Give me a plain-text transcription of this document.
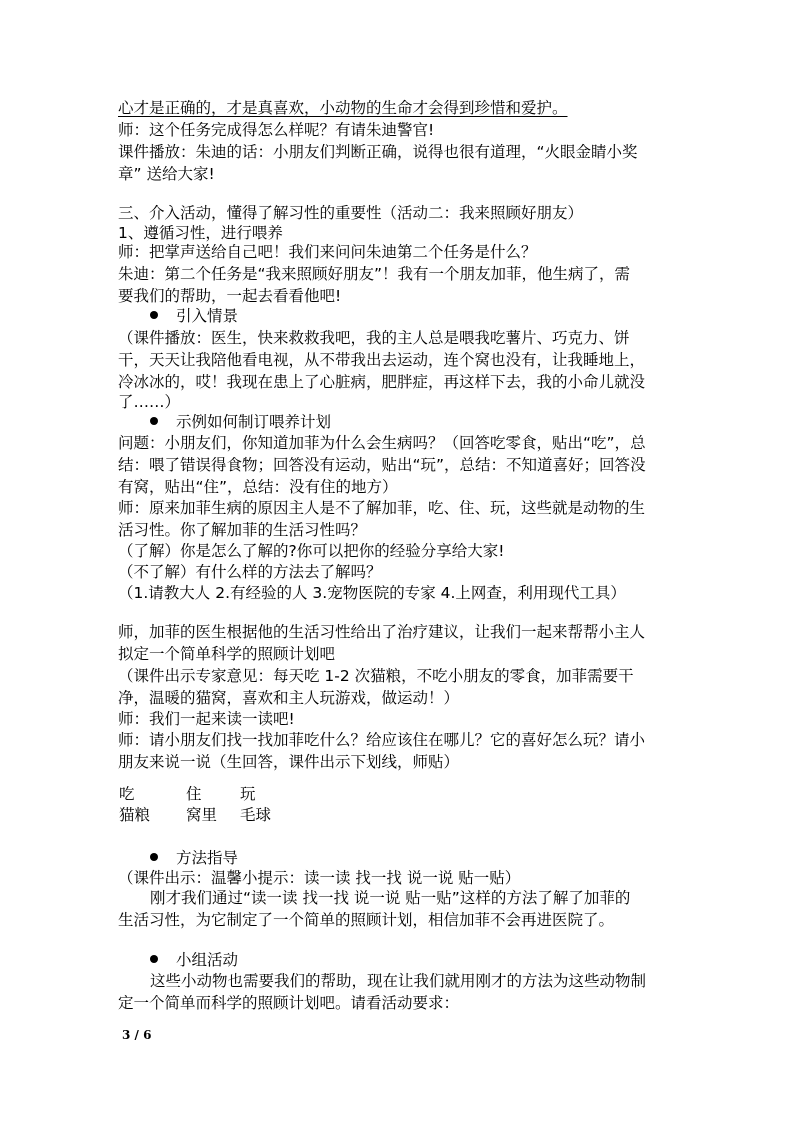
心才是正确的，才是真喜欢，小动物的生命才会得到珍惜和爱护。
师：这个任务完成得怎么样呢？有请朱迪警官!
课件播放：朱迪的话：小朋友们判断正确，说得也很有道理，“火眼金睛小奖
章” 送给大家!
三、介入活动，懂得了解习性的重要性（活动二：我来照顾好朋友）
1、遵循习性，进行喂养
师：把掌声送给自己吧！我们来问问朱迪第二个任务是什么？
朱迪：第二个任务是“我来照顾好朋友”！我有一个朋友加菲，他生病了，需
要我们的帮助，一起去看看他吧!
引入情景
（课件播放：医生，快来救救我吧，我的主人总是喂我吃薯片、巧克力、饼
干，天天让我陪他看电视，从不带我出去运动，连个窝也没有，让我睡地上，
冷冰冰的，哎！我现在患上了心脏病，肥胖症，再这样下去，我的小命儿就没
了……）
示例如何制订喂养计划
问题：小朋友们，你知道加菲为什么会生病吗？（回答吃零食，贴出“吃”，总
结：喂了错误得食物；回答没有运动，贴出“玩”，总结：不知道喜好；回答没
有窝，贴出“住”，总结：没有住的地方）
师：原来加菲生病的原因主人是不了解加菲，吃、住、玩，这些就是动物的生
活习性。你了解加菲的生活习性吗？
（了解）你是怎么了解的?你可以把你的经验分享给大家!
（不了解）有什么样的方法去了解吗？
（1.请教大人 2.有经验的人 3.宠物医院的专家 4.上网查，利用现代工具）
师，加菲的医生根据他的生活习性给出了治疗建议，让我们一起来帮帮小主人
拟定一个简单科学的照顾计划吧
（课件出示专家意见：每天吃 1-2 次猫粮，不吃小朋友的零食，加菲需要干
净，温暖的猫窝，喜欢和主人玩游戏，做运动！）
师：我们一起来读一读吧!
师：请小朋友们找一找加菲吃什么？给应该住在哪儿？它的喜好怎么玩？请小
朋友来说一说（生回答，课件出示下划线，师贴）
吃	住 玩
猫粮 窝里 毛球
方法指导
（课件出示：温馨小提示：读一读 找一找 说一说 贴一贴）
刚才我们通过“读一读 找一找 说一说 贴一贴”这样的方法了解了加菲的
生活习性，为它制定了一个简单的照顾计划，相信加菲不会再进医院了。
小组活动
这些小动物也需要我们的帮助，现在让我们就用刚才的方法为这些动物制
定一个简单而科学的照顾计划吧。请看活动要求：
3 / 6
